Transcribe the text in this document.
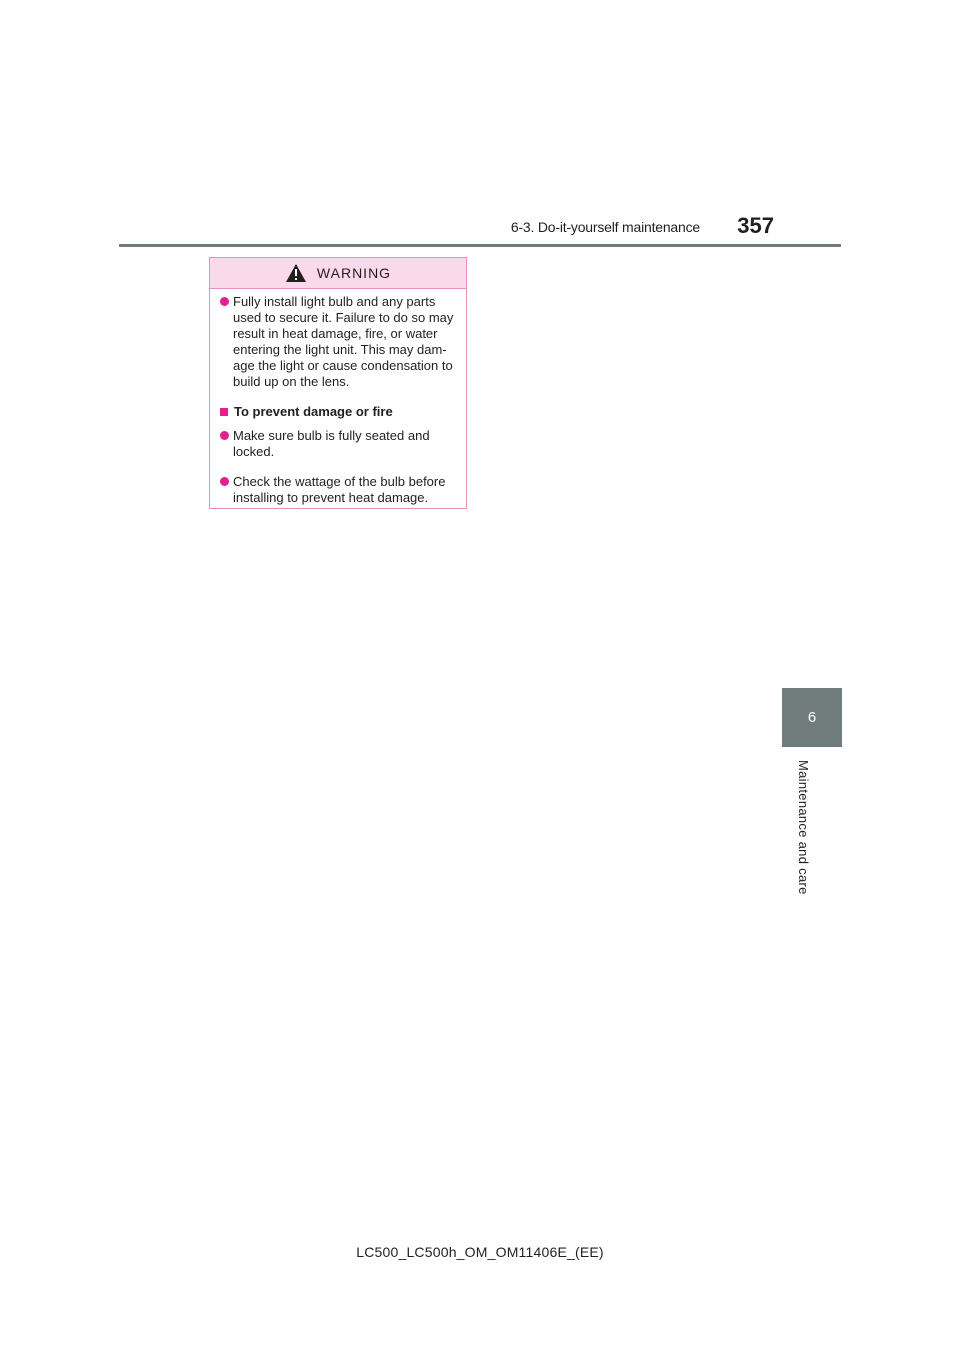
6-3. Do-it-yourself maintenance	357
WARNING
Fully install light bulb and any parts used to secure it. Failure to do so may result in heat damage, fire, or water entering the light unit. This may dam-age the light or cause condensation to build up on the lens.
To prevent damage or fire
Make sure bulb is fully seated and locked.
Check the wattage of the bulb before installing to prevent heat damage.
6
Maintenance and care
LC500_LC500h_OM_OM11406E_(EE)
